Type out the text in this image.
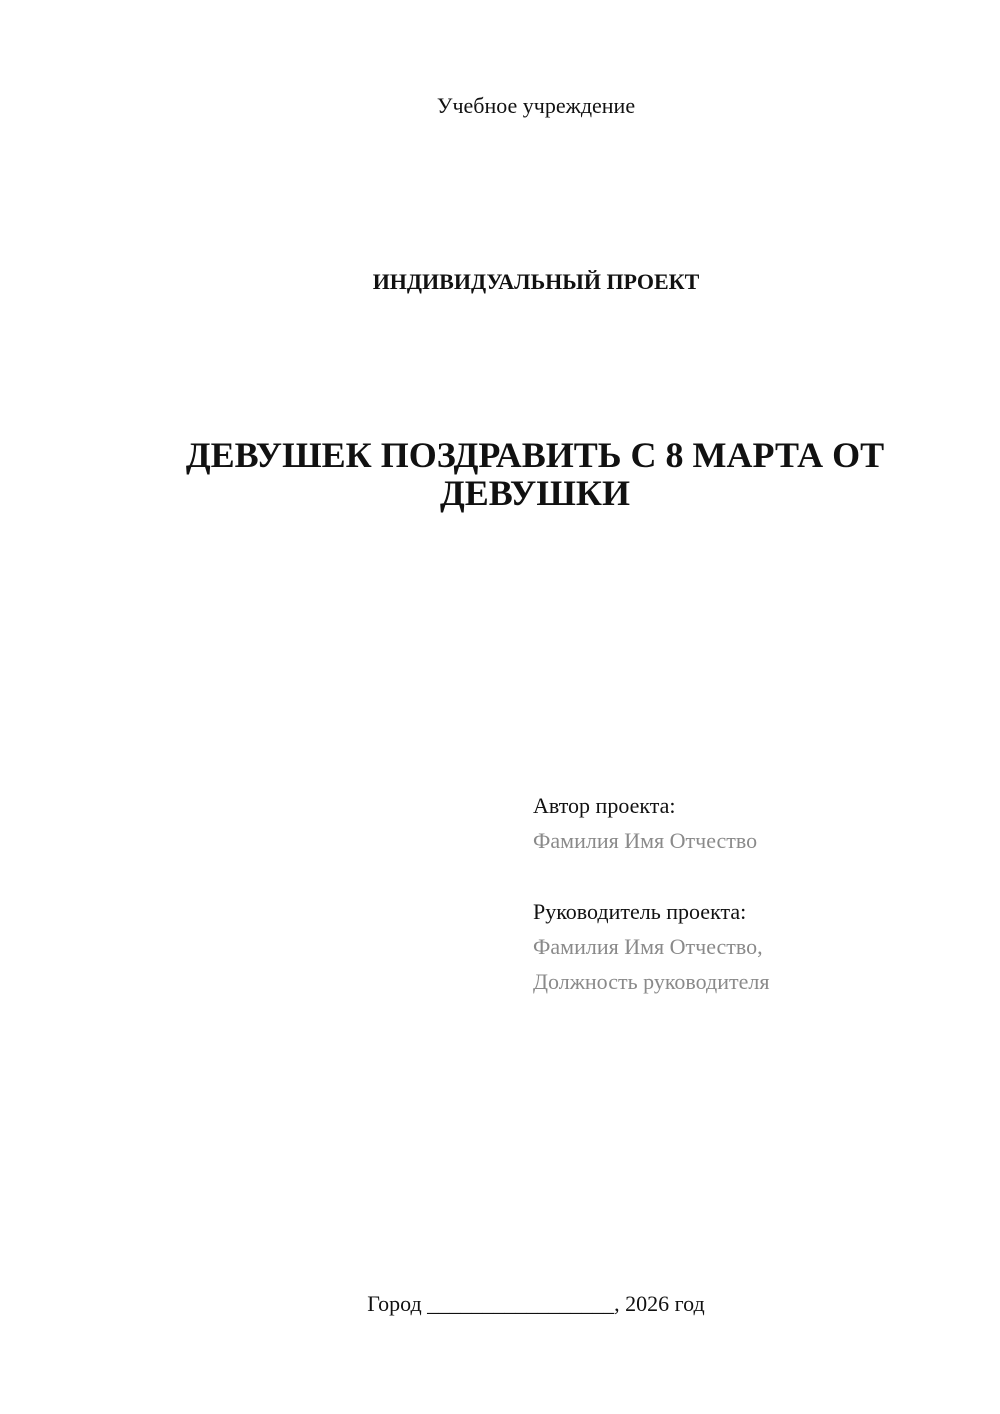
Учебное учреждение
ИНДИВИДУАЛЬНЫЙ ПРОЕКТ
ДЕВУШЕК ПОЗДРАВИТЬ С 8 МАРТА ОТ ДЕВУШКИ

Автор проекта:
Фамилия Имя Отчество

Руководитель проекта:
Фамилия Имя Отчество,
Должность руководителя

Город _________________, 2026 год
